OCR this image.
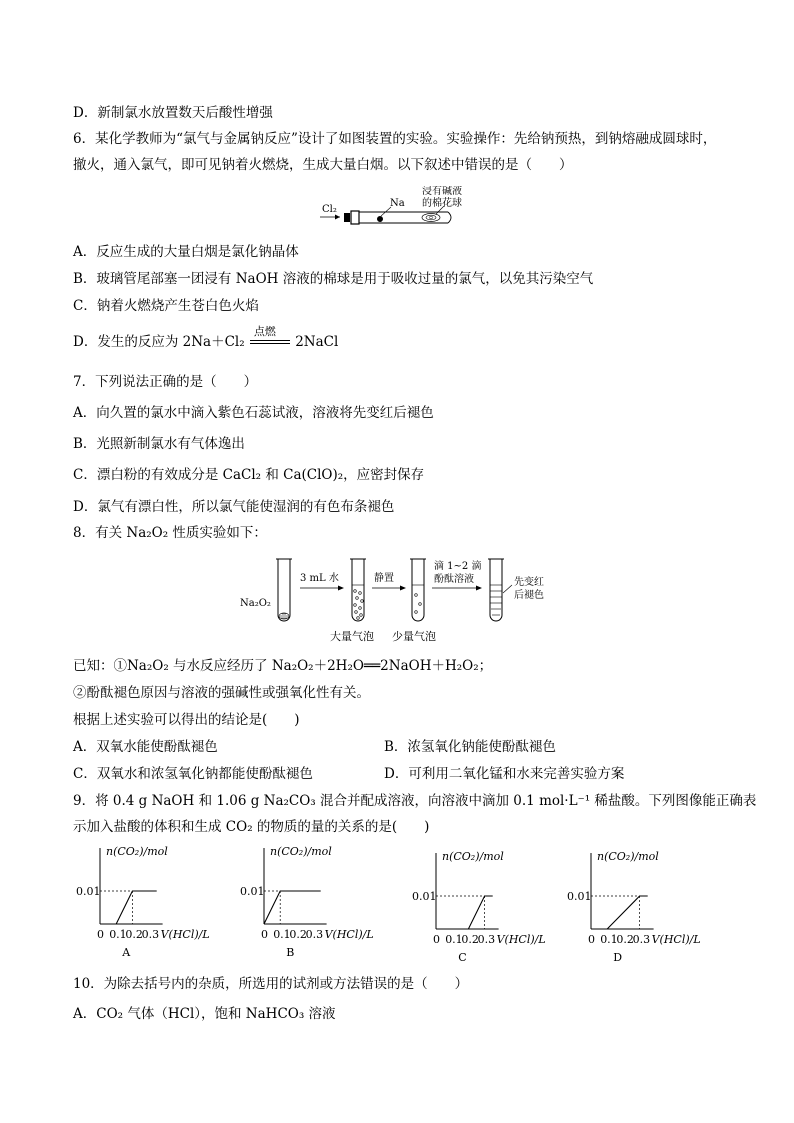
D．新制氯水放置数天后酸性增强
6．某化学教师为“氯气与金属钠反应”设计了如图装置的实验。实验操作：先给钠预热，到钠熔融成圆球时，
撤火，通入氯气，即可见钠着火燃烧，生成大量白烟。以下叙述中错误的是（　　）
Cl₂
Na
浸有碱液
的棉花球
A．反应生成的大量白烟是氯化钠晶体
B．玻璃管尾部塞一团浸有 NaOH 溶液的棉球是用于吸收过量的氯气，以免其污染空气
C．钠着火燃烧产生苍白色火焰
D．发生的反应为 2Na＋Cl₂
点燃
2NaCl
7．下列说法正确的是（　　）
A．向久置的氯水中滴入紫色石蕊试液，溶液将先变红后褪色
B．光照新制氯水有气体逸出
C．漂白粉的有效成分是 CaCl₂ 和 Ca(ClO)₂，应密封保存
D．氯气有漂白性，所以氯气能使湿润的有色布条褪色
8．有关 Na₂O₂ 性质实验如下：
Na₂O₂
3 mL 水	静置
滴 1~2 滴
酚酞溶液	先变红
后褪色
大量气泡 少量气泡
已知：①Na₂O₂ 与水反应经历了 Na₂O₂＋2H₂O══2NaOH＋H₂O₂；
②酚酞褪色原因与溶液的强碱性或强氧化性有关。
根据上述实验可以得出的结论是(　　)
A．双氧水能使酚酞褪色	B．浓氢氧化钠能使酚酞褪色
C．双氧水和浓氢氧化钠都能使酚酞褪色	D．可利用二氧化锰和水来完善实验方案
9．将 0.4 g NaOH 和 1.06 g Na₂CO₃ 混合并配成溶液，向溶液中滴加 0.1 mol·L⁻¹ 稀盐酸。下列图像能正确表
示加入盐酸的体积和生成 CO₂ 的物质的量的关系的是(　　)
n(CO₂)/mol
0.01
0 0.1
0.2
0.3 V(HCl)/L
A
n(CO₂)/mol
0.01
0 0.1
0.2
0.3 V(HCl)/L
B
n(CO₂)/mol
0.01
0 0.1
0.2
0.3 V(HCl)/L
C
n(CO₂)/mol
0.01
0 0.1
0.2
0.3 V(HCl)/L
D
10．为除去括号内的杂质，所选用的试剂或方法错误的是（　　）
A．CO₂ 气体（HCl），饱和 NaHCO₃ 溶液
